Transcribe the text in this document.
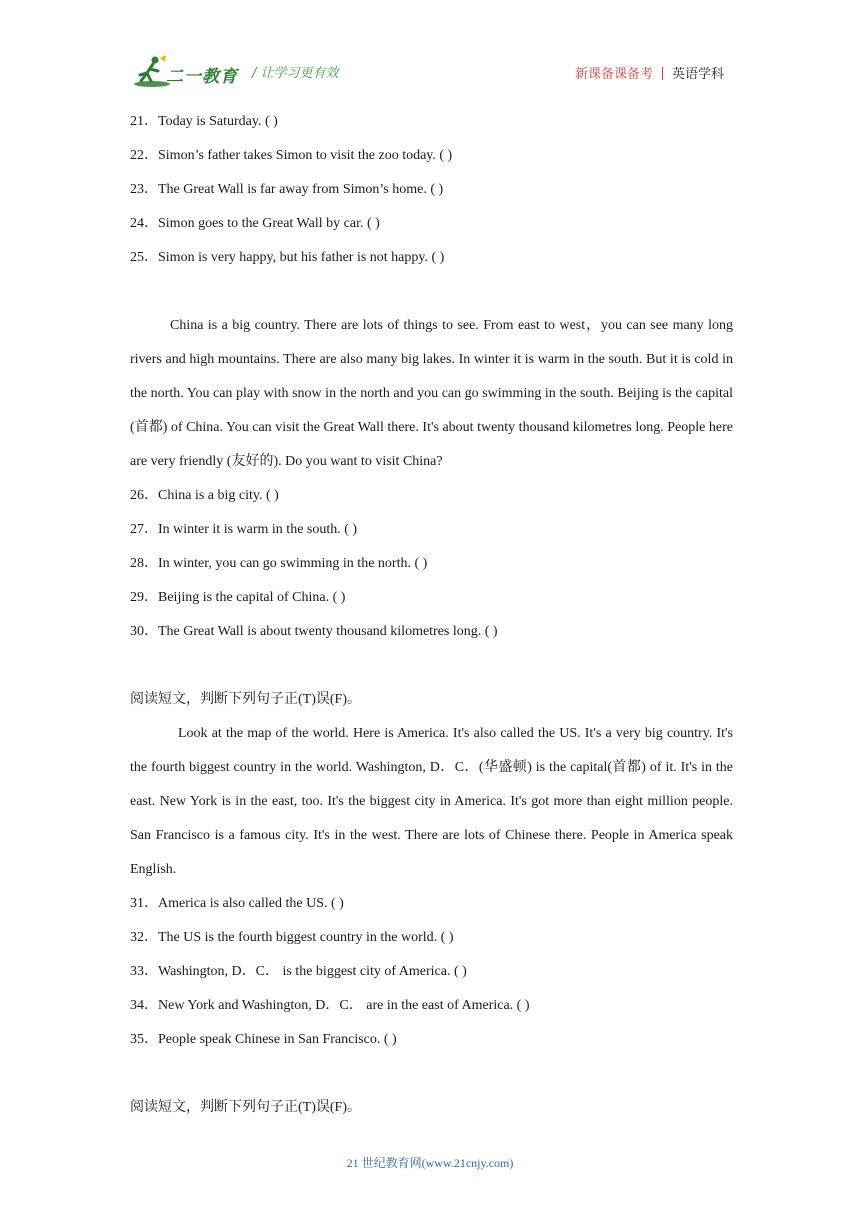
二一教育 / 让学习更有效	新课备课备考 英语学科
21．Today is Saturday. ( )
22．Simon’s father takes Simon to visit the zoo today. ( )
23．The Great Wall is far away from Simon’s home. ( )
24．Simon goes to the Great Wall by car. ( )
25．Simon is very happy, but his father is not happy. ( )
China is a big country. There are lots of things to see. From east to west，you can see many long rivers and high mountains. There are also many big lakes. In winter it is warm in the south. But it is cold in the north. You can play with snow in the north and you can go swimming in the south. Beijing is the capital (首都) of China. You can visit the Great Wall there. It's about twenty thousand kilometres long. People here are very friendly (友好的). Do you want to visit China?
26．China is a big city. ( )
27．In winter it is warm in the south. ( )
28．In winter, you can go swimming in the north. ( )
29．Beijing is the capital of China. ( )
30．The Great Wall is about twenty thousand kilometres long. ( )
阅读短文，判断下列句子正(T)误(F)。
Look at the map of the world. Here is America. It's also called the US. It's a very big country. It's the fourth biggest country in the world. Washington, D．C．(华盛顿) is the capital(首都) of it. It's in the east. New York is in the east, too. It's the biggest city in America. It's got more than eight million people. San Francisco is a famous city. It's in the west. There are lots of Chinese there. People in America speak English.
31．America is also called the US. ( )
32．The US is the fourth biggest country in the world. ( )
33．Washington, D．C． is the biggest city of America. ( )
34．New York and Washington, D．C． are in the east of America. ( )
35．People speak Chinese in San Francisco. ( )
阅读短文，判断下列句子正(T)误(F)。
21 世纪教育网(www.21cnjy.com)
